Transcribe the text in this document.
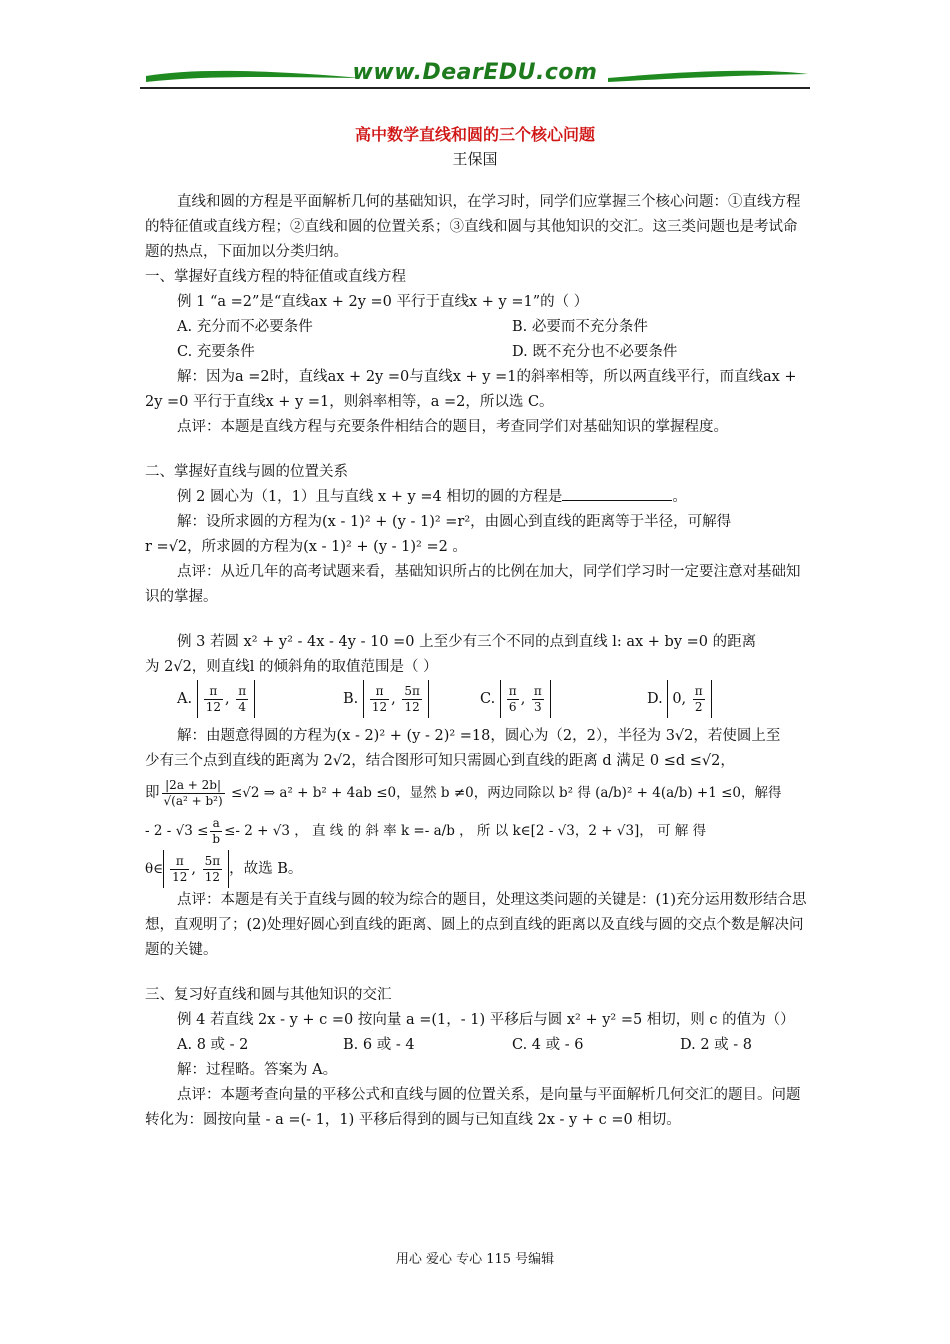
www.DearEDU.com
高中数学直线和圆的三个核心问题
王保国

直线和圆的方程是平面解析几何的基础知识，在学习时，同学们应掌握三个核心问题：①直线方程的特征值或直线方程；②直线和圆的位置关系；③直线和圆与其他知识的交汇。这三类问题也是考试命题的热点，下面加以分类归纳。

一、掌握好直线方程的特征值或直线方程

例 1 “a =2”是“直线ax + 2y =0 平行于直线x + y =1”的（ ）

A. 充分而不必要条件	B. 必要而不充分条件
C. 充要条件	D. 既不充分也不必要条件

解：因为a =2时，直线ax + 2y =0与直线x + y =1的斜率相等，所以两直线平行，而直线ax + 2y =0 平行于直线x + y =1，则斜率相等，a =2，所以选 C。

点评：本题是直线方程与充要条件相结合的题目，考查同学们对基础知识的掌握程度。

二、掌握好直线与圆的位置关系

例 2 圆心为（1，1）且与直线 x + y =4 相切的圆的方程是	。

解：设所求圆的方程为(x - 1)² + (y - 1)² =r²，由圆心到直线的距离等于半径，可解得

r =√2，所求圆的方程为(x - 1)² + (y - 1)² =2 。

点评：从近几年的高考试题来看，基础知识所占的比例在加大，同学们学习时一定要注意对基础知识的掌握。

例 3 若圆 x² + y² - 4x - 4y - 10 =0 上至少有三个不同的点到直线 l: ax + by =0 的距离

为 2√2，则直线l 的倾斜角的取值范围是（ ）

A. $\frac{\pi}{12}$ , $\frac{\pi}{4}$	B. $\frac{\pi}{12}$ , $\frac{5\pi}{12}$	C. $\frac{\pi}{6}$ , $\frac{\pi}{3}$	D. 0, $\frac{\pi}{2}$

解：由题意得圆的方程为(x - 2)² + (y - 2)² =18，圆心为（2，2），半径为 3√2，若使圆上至

少有三个点到直线的距离为 2√2，结合图形可知只需圆心到直线的距离 d 满足 0 ≤d ≤√2，

即 $\frac{|2a + 2b|}{\text{√(a² + b²)}} \le√2$ ⇒ a² + b² + 4ab ≤0，显然 b ≠0，两边同除以 b² 得 (a/b)² + 4(a/b) +1 ≤0，解得

- $2 - √3 \le \frac{a}{b} \le- 2 + √3$ ， 直 线 的 斜 率 k =- a/b ， 所 以 k∈[2 - √3，2 + √3]， 可 解 得

θ∈ $\frac{\pi}{12}$ , $\frac{5\pi}{12}$ ，故选 B。

点评：本题是有关于直线与圆的较为综合的题目，处理这类问题的关键是：(1)充分运用数形结合思想，直观明了；(2)处理好圆心到直线的距离、圆上的点到直线的距离以及直线与圆的交点个数是解决问题的关键。

三、复习好直线和圆与其他知识的交汇

例 4 若直线 2x - y + c =0 按向量 a =(1，- 1) 平移后与圆 x² + y² =5 相切，则 c 的值为（）

A. 8 或 - 2	B. 6 或 - 4	C. 4 或 - 6	D. 2 或 - 8

解：过程略。答案为 A。

点评：本题考查向量的平移公式和直线与圆的位置关系，是向量与平面解析几何交汇的题目。问题转化为：圆按向量 - a =(- 1，1) 平移后得到的圆与已知直线 2x - y + c =0 相切。

用心 爱心 专心 115 号编辑
